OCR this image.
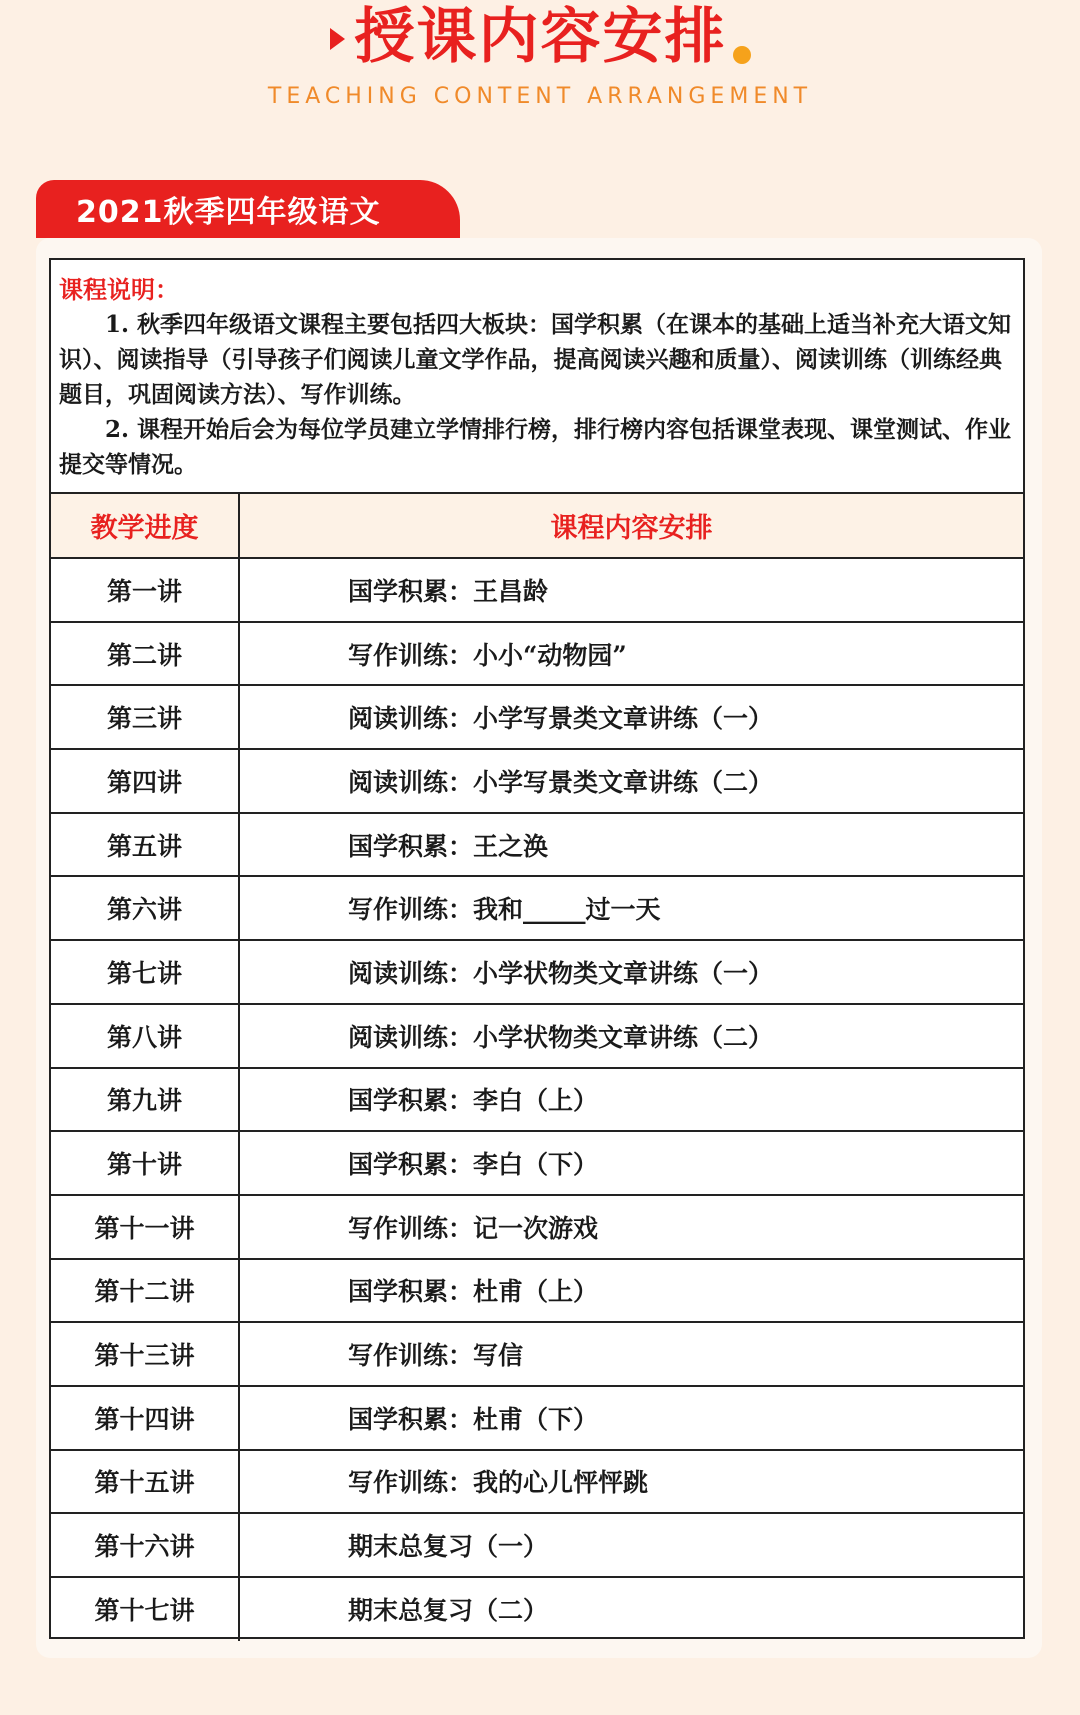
授课内容安排
TEACHING CONTENT ARRANGEMENT
2021秋季四年级语文
课程说明：

1. 秋季四年级语文课程主要包括四大板块：国学积累（在课本的基础上适当补充大语文知识）、阅读指导（引导孩子们阅读儿童文学作品，提高阅读兴趣和质量）、阅读训练（训练经典题目，巩固阅读方法）、写作训练。

2. 课程开始后会为每位学员建立学情排行榜，排行榜内容包括课堂表现、课堂测试、作业提交等情况。

教学进度	课程内容安排
第一讲	国学积累：王昌龄
第二讲	写作训练：小小“动物园”
第三讲	阅读训练：小学写景类文章讲练（一）
第四讲	阅读训练：小学写景类文章讲练（二）
第五讲	国学积累：王之涣
第六讲	写作训练：我和_____过一天
第七讲	阅读训练：小学状物类文章讲练（一）
第八讲	阅读训练：小学状物类文章讲练（二）
第九讲	国学积累：李白（上）
第十讲	国学积累：李白（下）
第十一讲	写作训练：记一次游戏
第十二讲	国学积累：杜甫（上）
第十三讲	写作训练：写信
第十四讲	国学积累：杜甫（下）
第十五讲	写作训练：我的心儿怦怦跳
第十六讲	期末总复习（一）
第十七讲	期末总复习（二）
